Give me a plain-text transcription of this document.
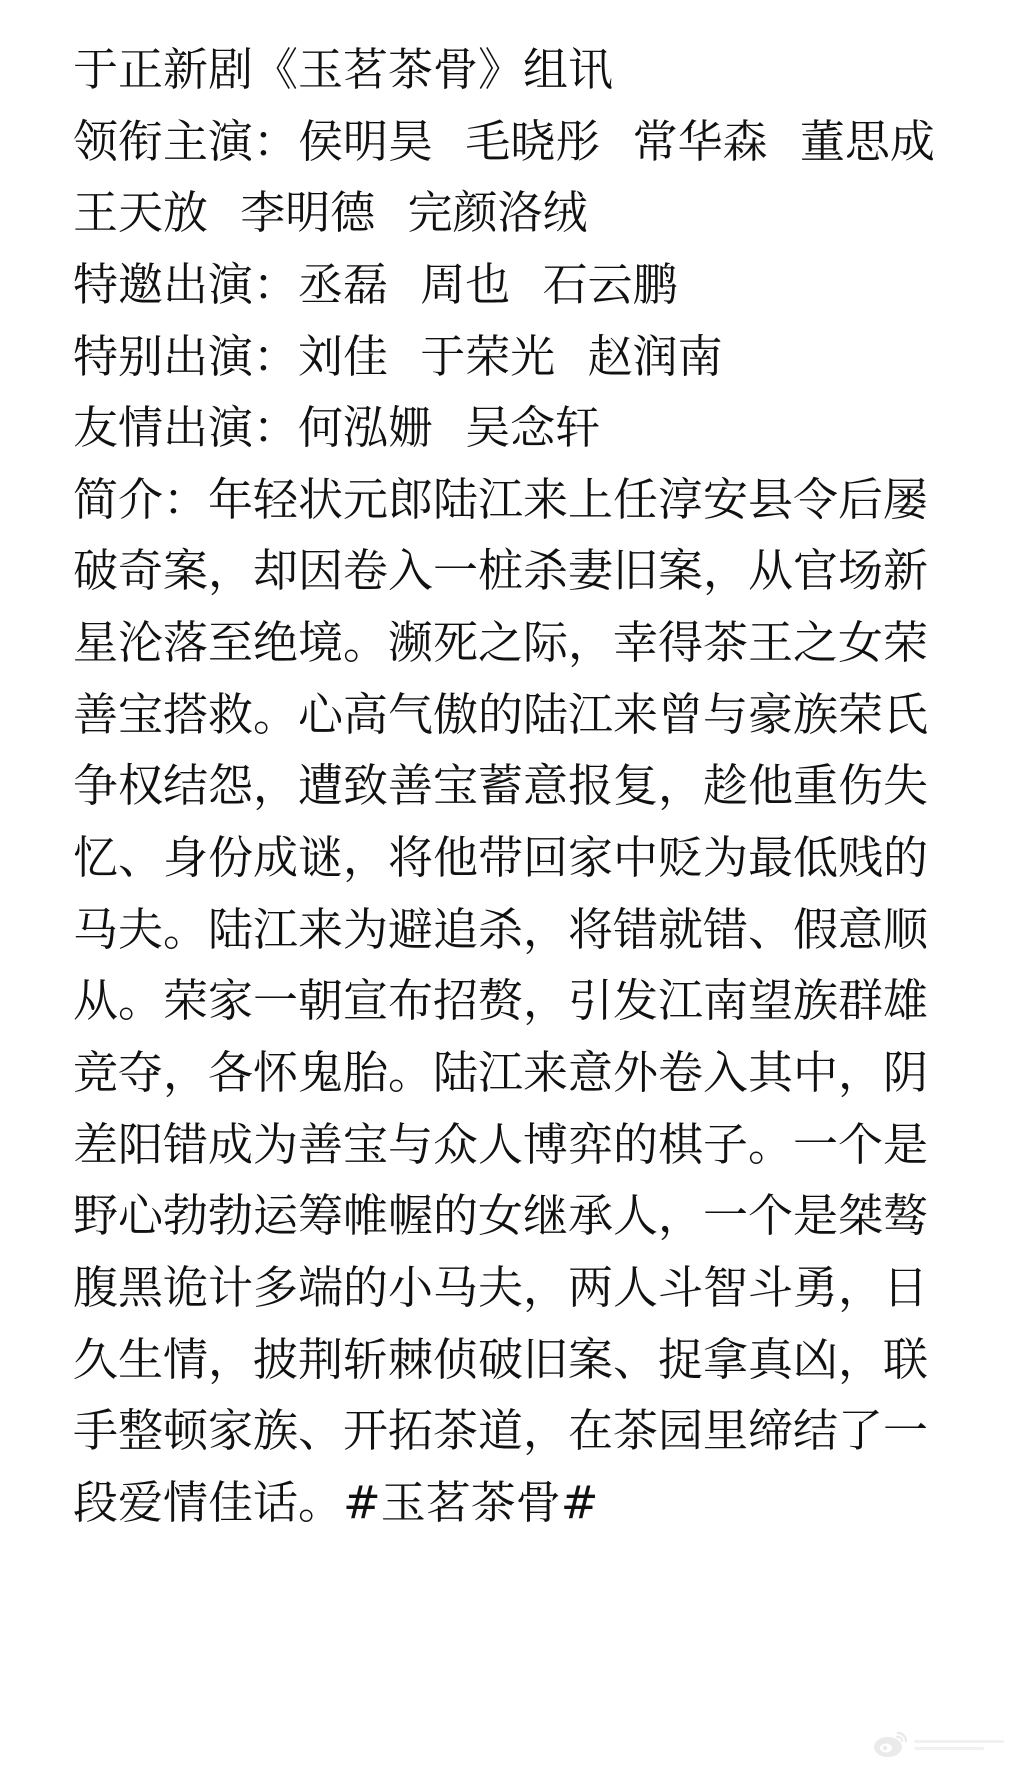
于正新剧《玉茗茶骨》组讯
领衔主演：侯明昊 毛晓彤 常华森 董思成
王天放 李明德 完颜洛绒
特邀出演：丞磊 周也 石云鹏
特别出演：刘佳 于荣光 赵润南
友情出演：何泓姗 吴念轩
简介：年轻状元郎陆江来上任淳安县令后屡
破奇案，却因卷入一桩杀妻旧案，从官场新
星沦落至绝境。濒死之际，幸得茶王之女荣
善宝搭救。心高气傲的陆江来曾与豪族荣氏
争权结怨，遭致善宝蓄意报复，趁他重伤失
忆、身份成谜，将他带回家中贬为最低贱的
马夫。陆江来为避追杀，将错就错、假意顺
从。荣家一朝宣布招赘，引发江南望族群雄
竞夺，各怀鬼胎。陆江来意外卷入其中，阴
差阳错成为善宝与众人博弈的棋子。一个是
野心勃勃运筹帷幄的女继承人，一个是桀骜
腹黑诡计多端的小马夫，两人斗智斗勇，日
久生情，披荆斩棘侦破旧案、捉拿真凶，联
手整顿家族、开拓茶道，在茶园里缔结了一
段爱情佳话。#玉茗茶骨#
